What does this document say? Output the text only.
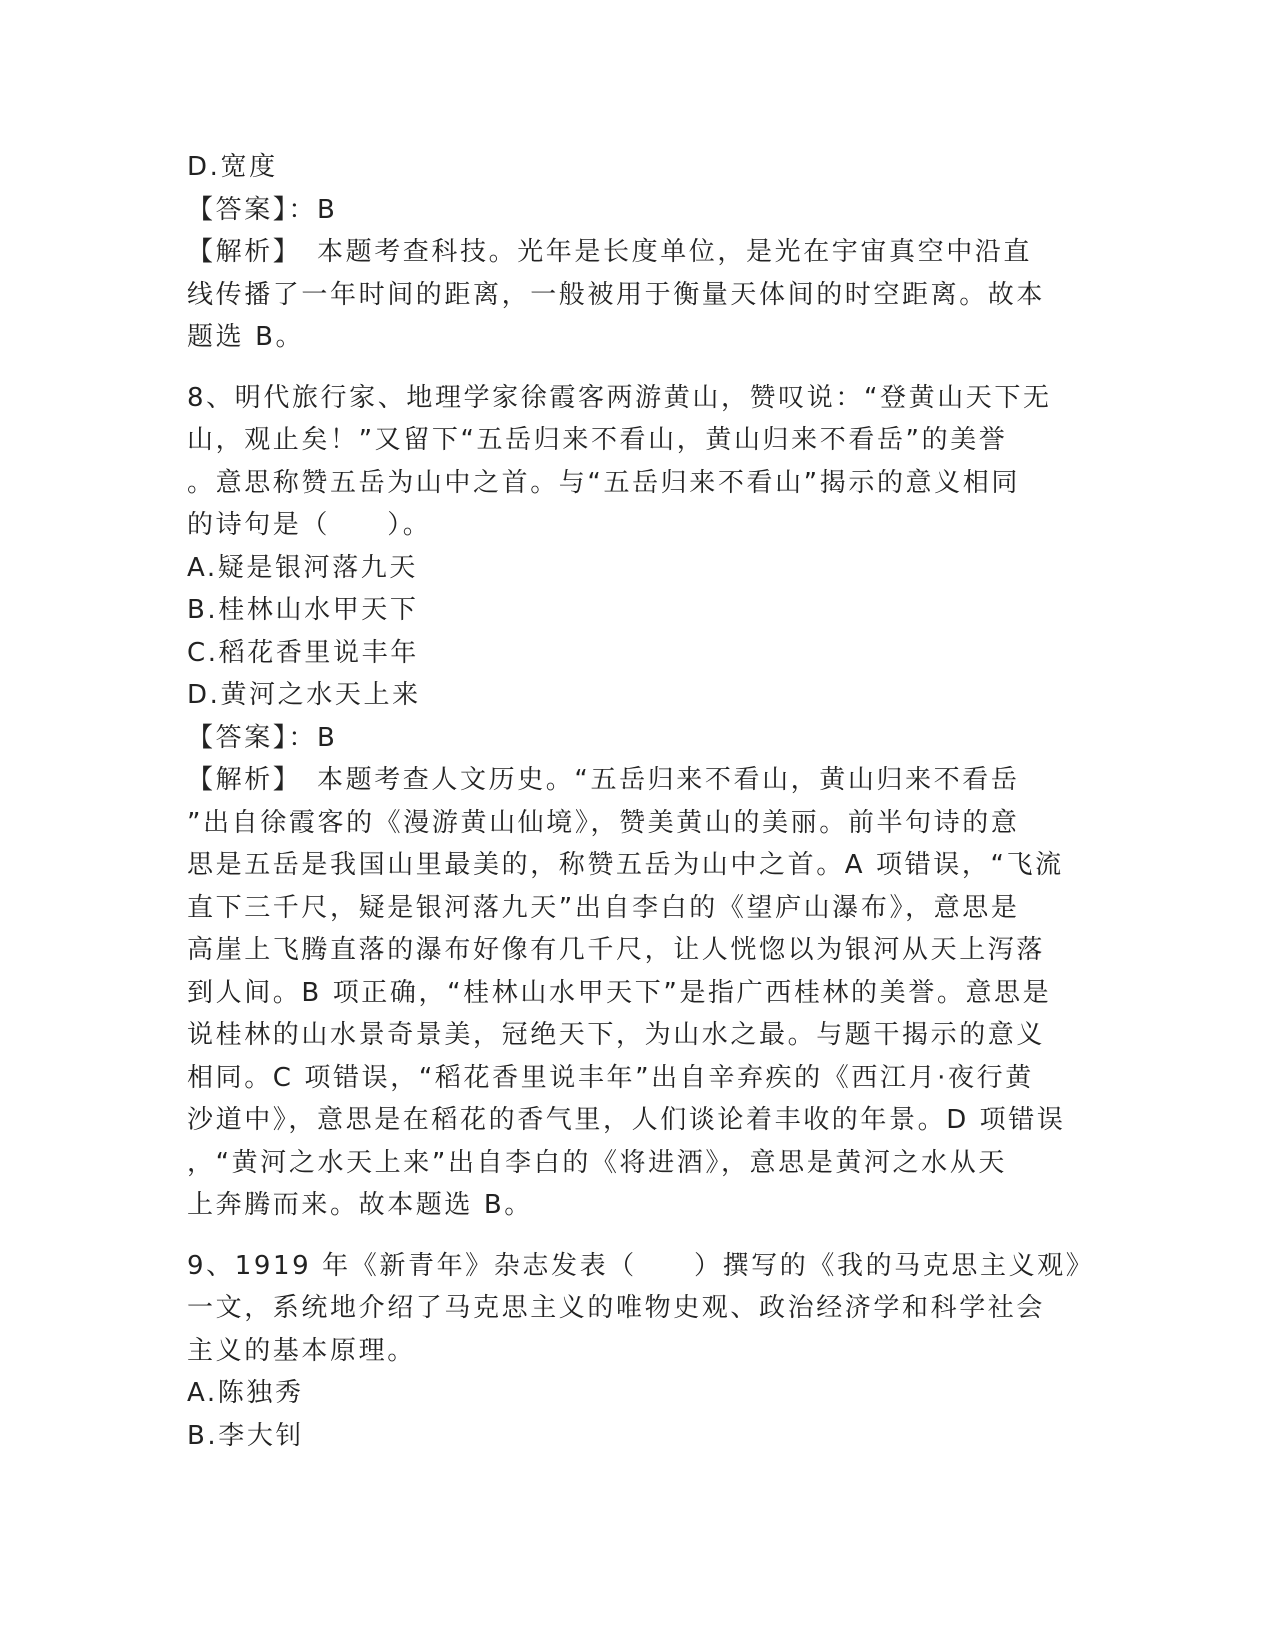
D.宽度
【答案】：B
【解析】　本题考查科技。光年是长度单位，是光在宇宙真空中沿直
线传播了一年时间的距离，一般被用于衡量天体间的时空距离。故本
题选 B。
8、明代旅行家、地理学家徐霞客两游黄山，赞叹说：“登黄山天下无
山，观止矣！”又留下“五岳归来不看山，黄山归来不看岳”的美誉
。意思称赞五岳为山中之首。与“五岳归来不看山”揭示的意义相同
的诗句是（　　）。
A.疑是银河落九天
B.桂林山水甲天下
C.稻花香里说丰年
D.黄河之水天上来
【答案】：B
【解析】　本题考查人文历史。“五岳归来不看山，黄山归来不看岳
”出自徐霞客的《漫游黄山仙境》，赞美黄山的美丽。前半句诗的意
思是五岳是我国山里最美的，称赞五岳为山中之首。A 项错误，“飞流
直下三千尺，疑是银河落九天”出自李白的《望庐山瀑布》，意思是
高崖上飞腾直落的瀑布好像有几千尺，让人恍惚以为银河从天上泻落
到人间。B 项正确，“桂林山水甲天下”是指广西桂林的美誉。意思是
说桂林的山水景奇景美，冠绝天下，为山水之最。与题干揭示的意义
相同。C 项错误，“稻花香里说丰年”出自辛弃疾的《西江月·夜行黄
沙道中》，意思是在稻花的香气里，人们谈论着丰收的年景。D 项错误
，“黄河之水天上来”出自李白的《将进酒》，意思是黄河之水从天
上奔腾而来。故本题选 B。
9、1919 年《新青年》杂志发表（　　）撰写的《我的马克思主义观》
一文，系统地介绍了马克思主义的唯物史观、政治经济学和科学社会
主义的基本原理。
A.陈独秀
B.李大钊
